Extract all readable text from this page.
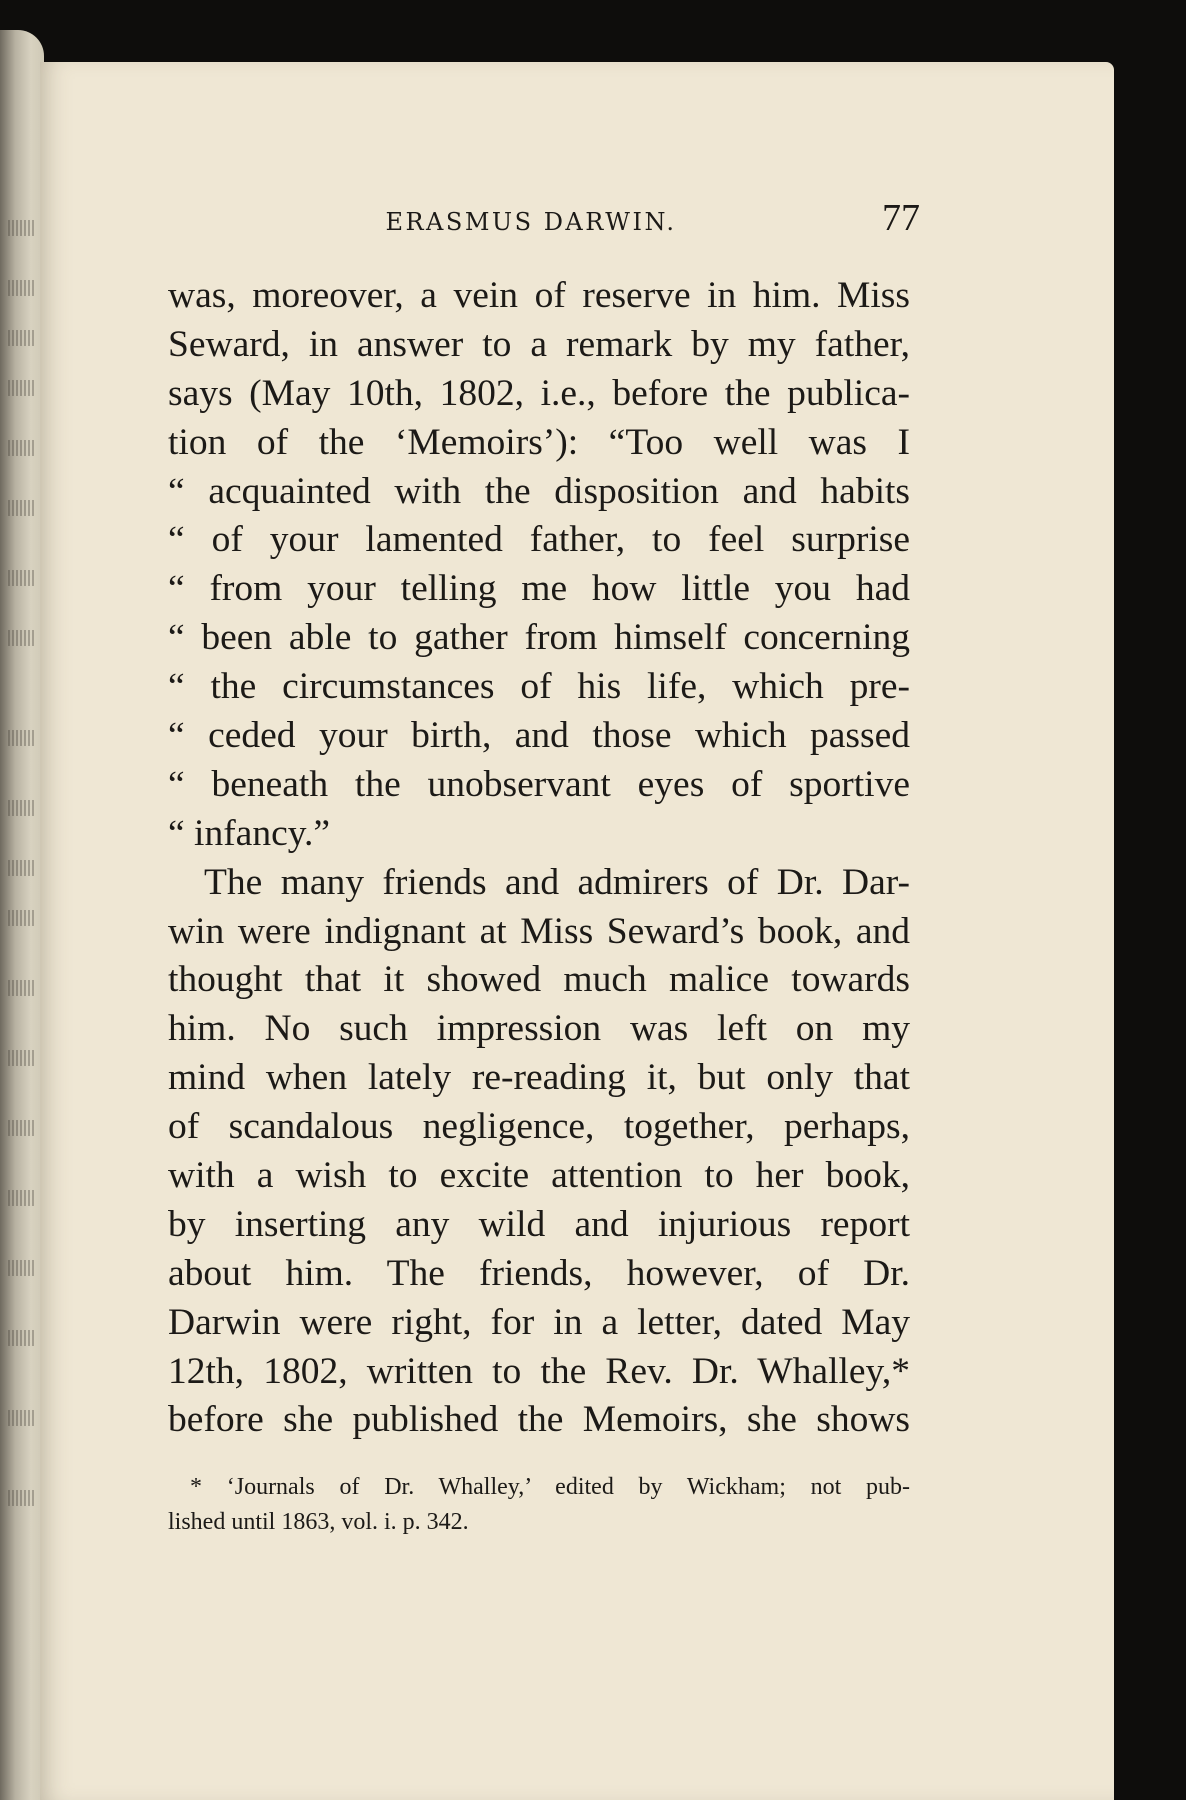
ERASMUS DARWIN.	77
was, moreover, a vein of reserve in him. Miss
Seward, in answer to a remark by my father,
says (May 10th, 1802, i.e., before the publica-
tion of the ‘Memoirs’): “Too well was I
“ acquainted with the disposition and habits
“ of your lamented father, to feel surprise
“ from your telling me how little you had
“ been able to gather from himself concerning
“ the circumstances of his life, which pre-
“ ceded your birth, and those which passed
“ beneath the unobservant eyes of sportive
“ infancy.”
The many friends and admirers of Dr. Dar-
win were indignant at Miss Seward’s book, and
thought that it showed much malice towards
him. No such impression was left on my
mind when lately re-reading it, but only that
of scandalous negligence, together, perhaps,
with a wish to excite attention to her book,
by inserting any wild and injurious report
about him. The friends, however, of Dr.
Darwin were right, for in a letter, dated May
12th, 1802, written to the Rev. Dr. Whalley,*
before she published the Memoirs, she shows
* ‘Journals of Dr. Whalley,’ edited by Wickham; not pub-
lished until 1863, vol. i. p. 342.
